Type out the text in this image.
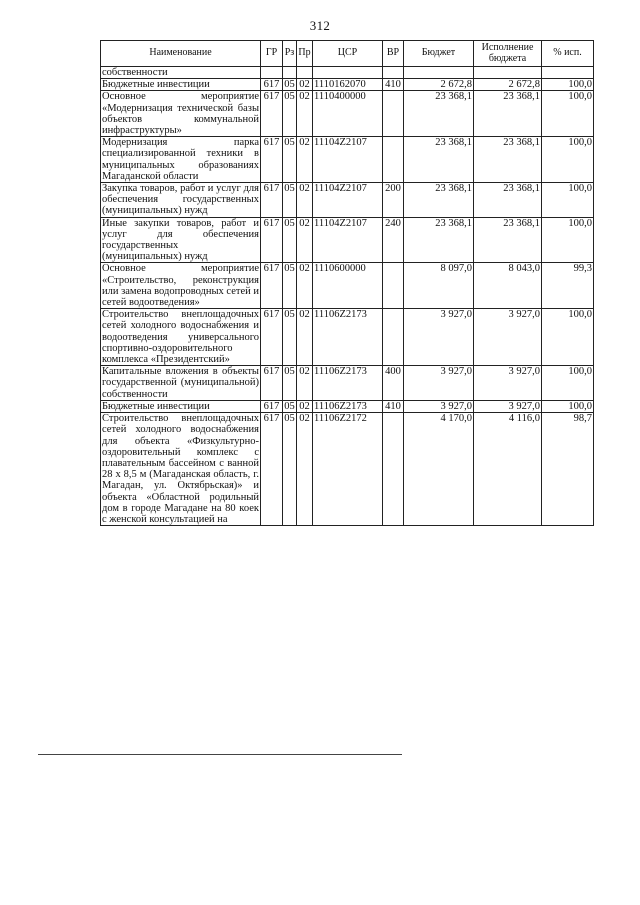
312
Наименование	ГР	Рз	Пр	ЦСР	ВР	Бюджет	Исполнение бюджета	% исп.
собственности								
Бюджетные инвестиции	617	05	02	1110162070	410	2 672,8	2 672,8	100,0
Основное мероприятие «Модернизация технической базы объектов коммунальной инфраструктуры»	617	05	02	1110400000		23 368,1	23 368,1	100,0
Модернизация парка специализированной техники в муниципальных образованиях Магаданской области	617	05	02	11104Z2107		23 368,1	23 368,1	100,0
Закупка товаров, работ и услуг для обеспечения государственных (муниципальных) нужд	617	05	02	11104Z2107	200	23 368,1	23 368,1	100,0
Иные закупки товаров, работ и услуг для обеспечения государственных (муниципальных) нужд	617	05	02	11104Z2107	240	23 368,1	23 368,1	100,0
Основное мероприятие «Строительство, реконструкция или замена водопроводных сетей и сетей водоотведения»	617	05	02	1110600000		8 097,0	8 043,0	99,3
Строительство внеплощадочных сетей холодного водоснабжения и водоотведения универсального спортивно-оздоровительного комплекса «Президентский»	617	05	02	11106Z2173		3 927,0	3 927,0	100,0
Капитальные вложения в объекты государственной (муниципальной) собственности	617	05	02	11106Z2173	400	3 927,0	3 927,0	100,0
Бюджетные инвестиции	617	05	02	11106Z2173	410	3 927,0	3 927,0	100,0
Строительство внеплощадочных сетей холодного водоснабжения для объекта «Физкультурно-оздоровительный комплекс с плавательным бассейном с ванной 28 x 8,5 м (Магаданская область, г. Магадан, ул. Октябрьская)» и объекта «Областной родильный дом в городе Магадане на 80 коек с женской консультацией на	617	05	02	11106Z2172		4 170,0	4 116,0	98,7
